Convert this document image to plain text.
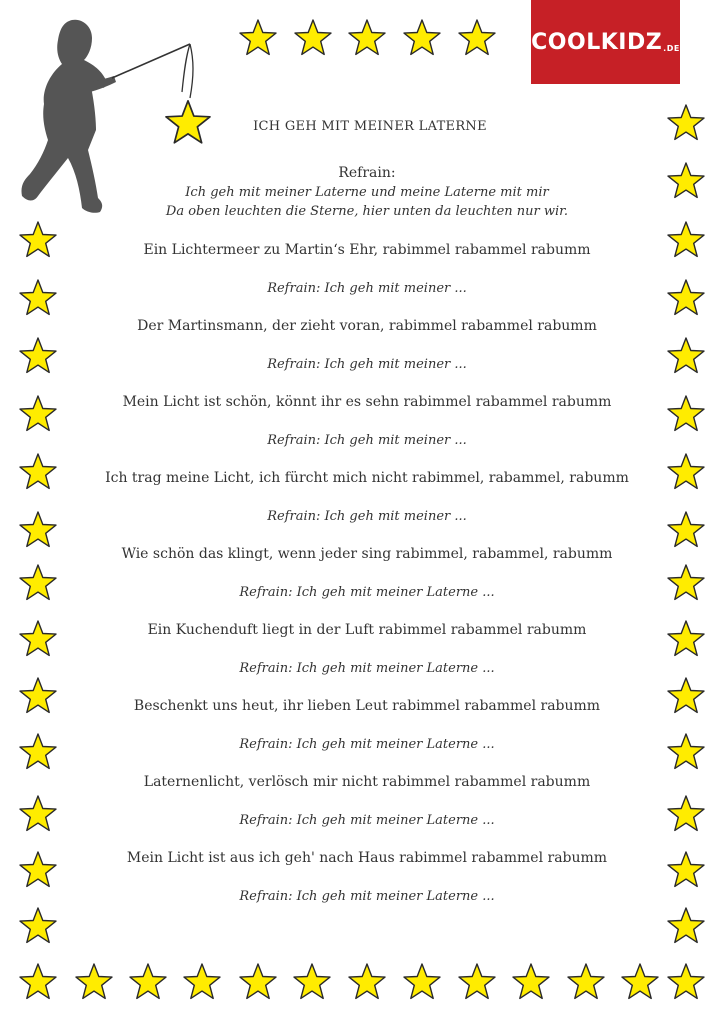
COOLKIDZ .DE
ICH GEH MIT MEINER LATERNE
Refrain:
Ich geh mit meiner Laterne und meine Laterne mit mir
Da oben leuchten die Sterne, hier unten da leuchten nur wir.
Ein Lichtermeer zu Martin‘s Ehr, rabimmel rabammel rabumm
Refrain: Ich geh mit meiner ...
Der Martinsmann, der zieht voran, rabimmel rabammel rabumm
Refrain: Ich geh mit meiner ...
Mein Licht ist schön, könnt ihr es sehn rabimmel rabammel rabumm
Refrain: Ich geh mit meiner ...
Ich trag meine Licht, ich fürcht mich nicht rabimmel, rabammel, rabumm
Refrain: Ich geh mit meiner ...
Wie schön das klingt, wenn jeder sing rabimmel, rabammel, rabumm
Refrain: Ich geh mit meiner Laterne ...
Ein Kuchenduft liegt in der Luft rabimmel rabammel rabumm
Refrain: Ich geh mit meiner Laterne ...
Beschenkt uns heut, ihr lieben Leut rabimmel rabammel rabumm
Refrain: Ich geh mit meiner Laterne ...
Laternenlicht, verlösch mir nicht rabimmel rabammel rabumm
Refrain: Ich geh mit meiner Laterne ...
Mein Licht ist aus ich geh' nach Haus rabimmel rabammel rabumm
Refrain: Ich geh mit meiner Laterne ...
